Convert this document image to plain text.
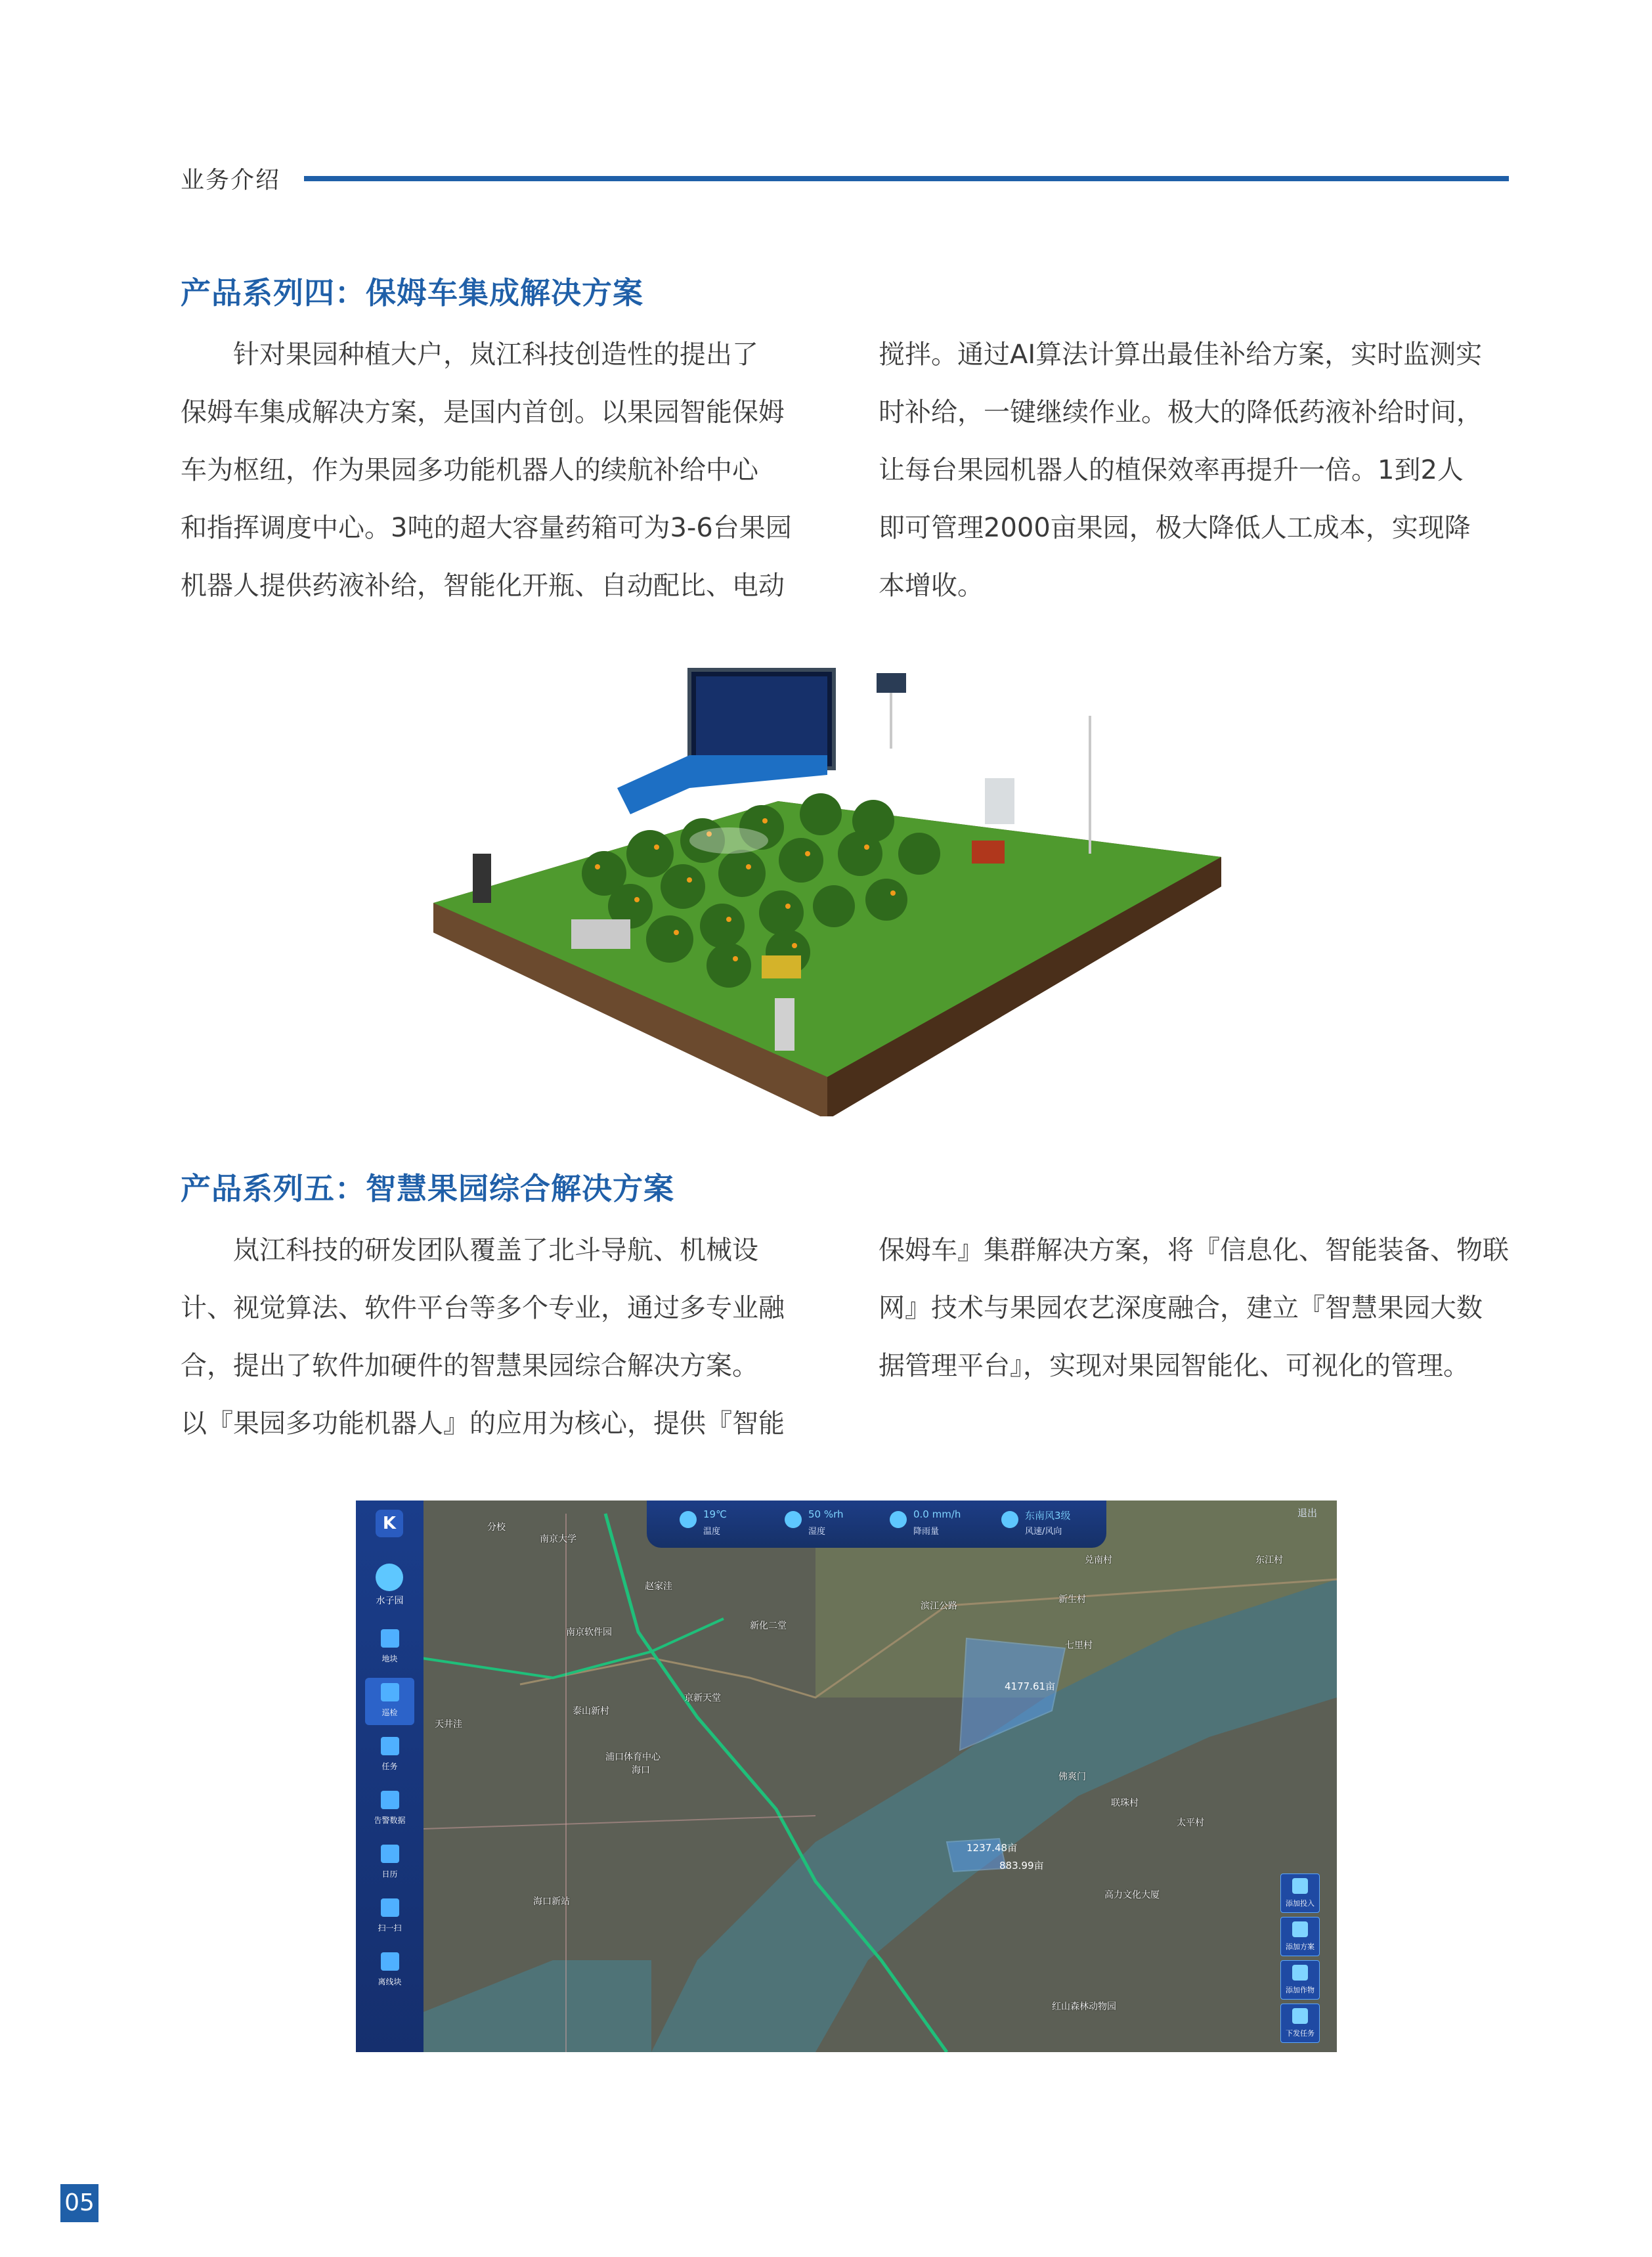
业务介绍
产品系列四：保姆车集成解决方案

针对果园种植大户，岚江科技创造性的提出了

保姆车集成解决方案，是国内首创。以果园智能保姆

车为枢纽，作为果园多功能机器人的续航补给中心

和指挥调度中心。3吨的超大容量药箱可为3-6台果园

机器人提供药液补给，智能化开瓶、自动配比、电动

搅拌。通过AI算法计算出最佳补给方案，实时监测实

时补给，一键继续作业。极大的降低药液补给时间，

让每台果园机器人的植保效率再提升一倍。1到2人

即可管理2000亩果园，极大降低人工成本，实现降

本增收。

产品系列五：智慧果园综合解决方案

岚江科技的研发团队覆盖了北斗导航、机械设

计、视觉算法、软件平台等多个专业，通过多专业融

合，提出了软件加硬件的智慧果园综合解决方案。

以『果园多功能机器人』的应用为核心，提供『智能

保姆车』集群解决方案，将『信息化、智能装备、物联

网』技术与果园农艺深度融合，建立『智慧果园大数

据管理平台』，实现对果园智能化、可视化的管理。

南京大学
南京软件园
京新天堂
海口
海口新站
泰山新村
新化二堂
七里村
兑南村
新生村
东江村
佛爽门
联珠村
太平村
高力文化大厦
红山森林动物园
滨江公路
浦口体育中心
分校
赵家洼
天井洼
4177.61亩
1237.48亩
883.99亩
K
水子园
地块
巡检
任务
告警数据
日历
扫一扫
离线块
19℃
温度
50 %rh
湿度
0.0 mm/h
降雨量
东南风3级
风速/风向
退出
添加投入
添加方案
添加作物
下发任务
05
